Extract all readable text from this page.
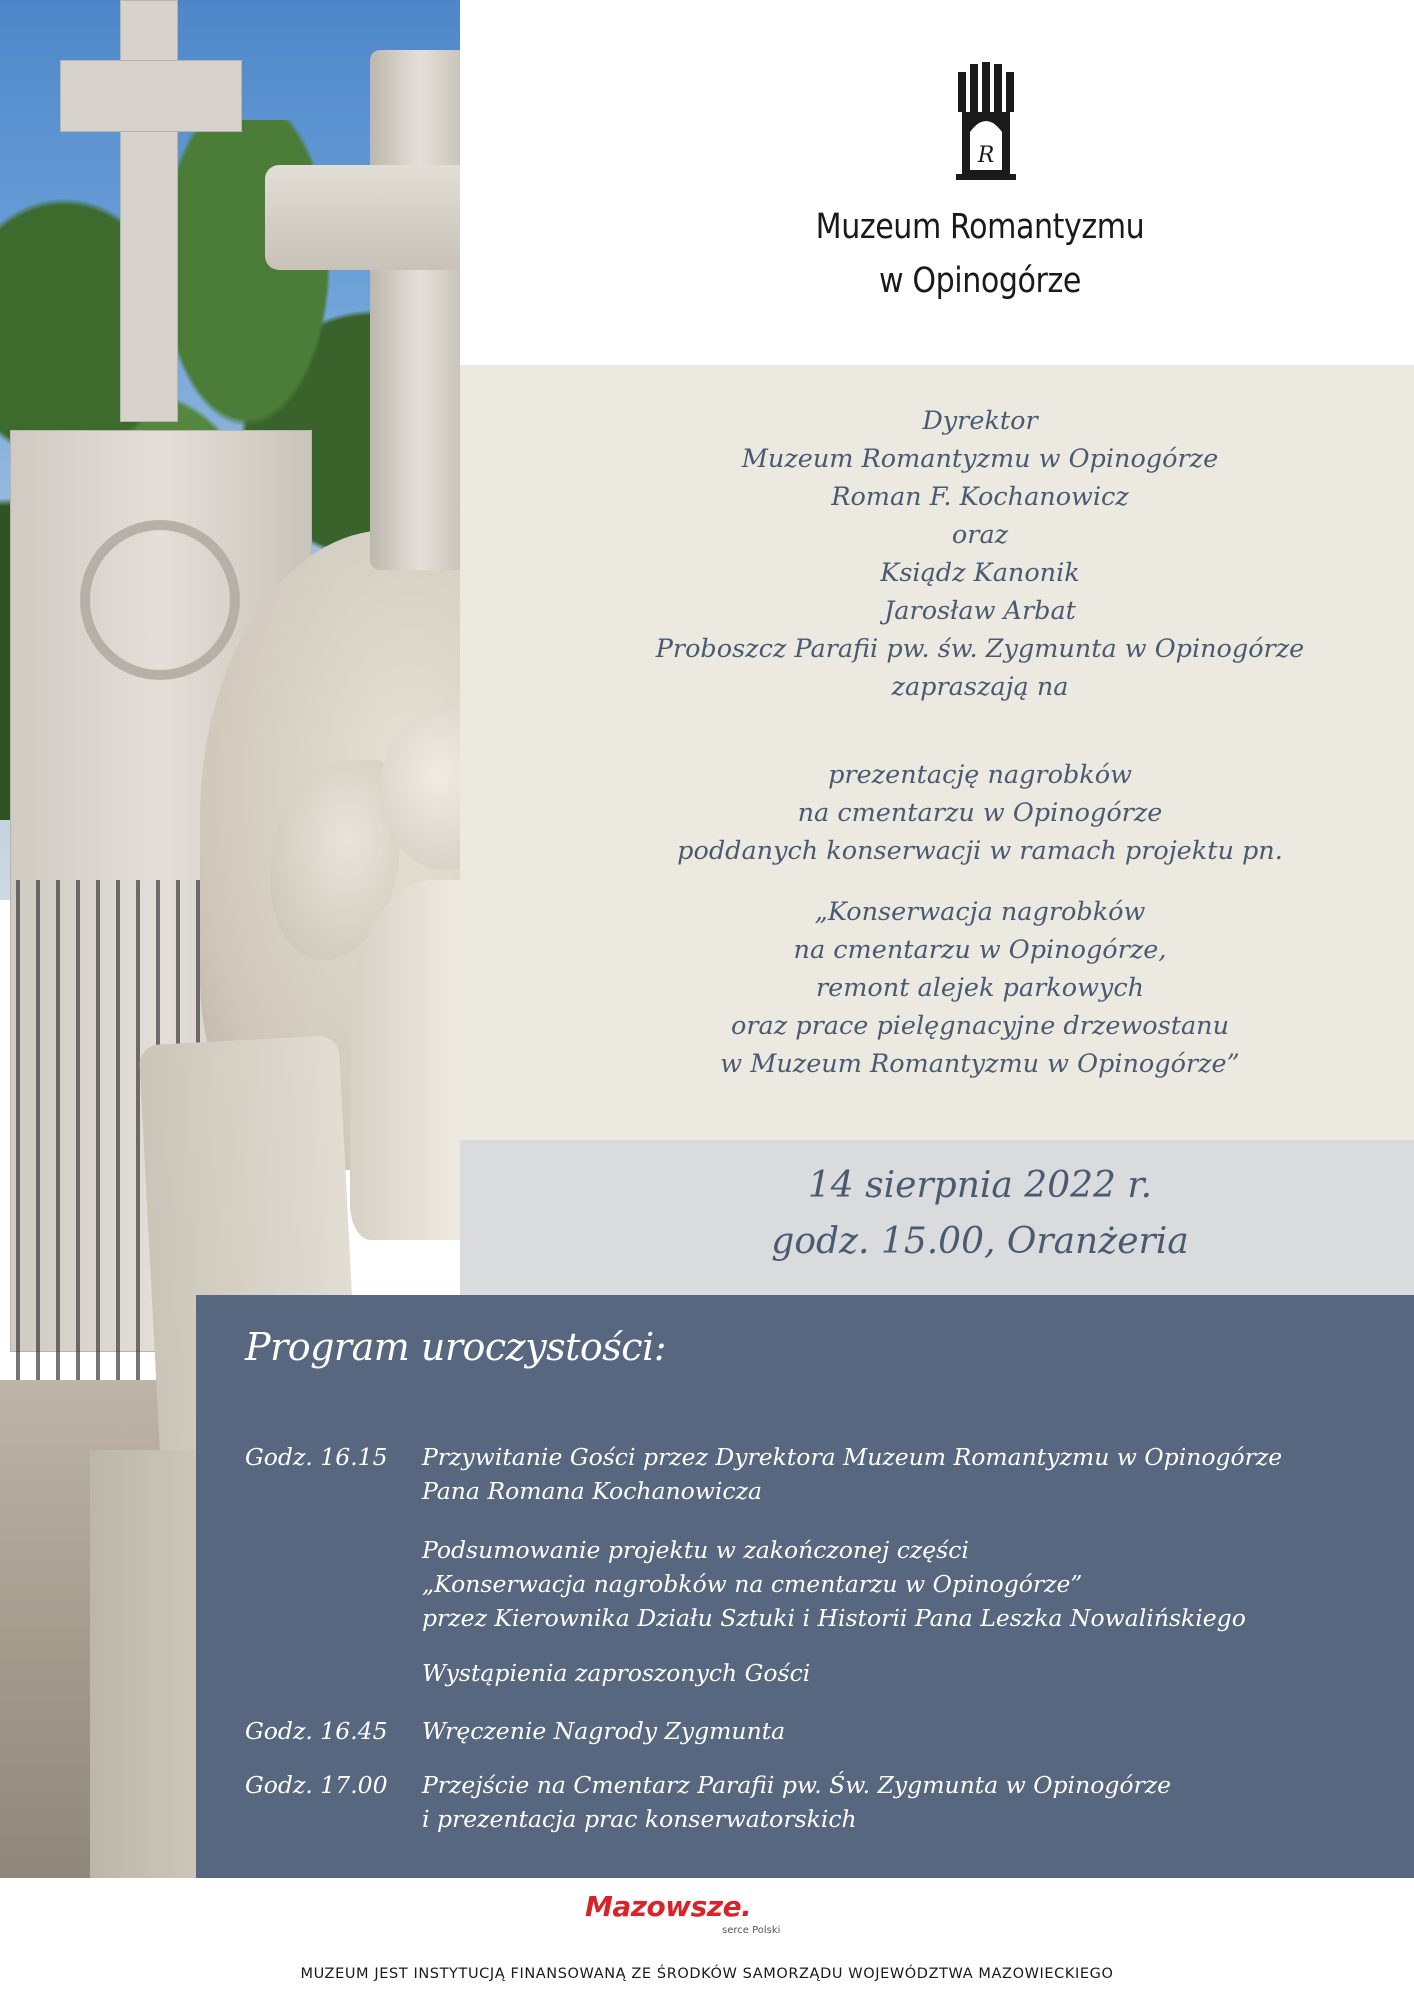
R
Muzeum Romantyzmu
w Opinogórze
Dyrektor
Muzeum Romantyzmu w Opinogórze
Roman F. Kochanowicz
oraz
Ksiądz Kanonik
Jarosław Arbat
Proboszcz Parafii pw. św. Zygmunta w Opinogórze
zapraszają na
prezentację nagrobków
na cmentarzu w Opinogórze
poddanych konserwacji w ramach projektu pn.
„Konserwacja nagrobków
na cmentarzu w Opinogórze,
remont alejek parkowych
oraz prace pielęgnacyjne drzewostanu
w Muzeum Romantyzmu w Opinogórze”
14 sierpnia 2022 r.
godz. 15.00, Oranżeria
Program uroczystości:
Godz. 16.15	Przywitanie Gości przez Dyrektora Muzeum Romantyzmu w Opinogórze
Pana Romana Kochanowicza
Podsumowanie projektu w zakończonej części
„Konserwacja nagrobków na cmentarzu w Opinogórze”
przez Kierownika Działu Sztuki i Historii Pana Leszka Nowalińskiego
Wystąpienia zaproszonych Gości
Godz. 16.45	Wręczenie Nagrody Zygmunta
Godz. 17.00	Przejście na Cmentarz Parafii pw. Św. Zygmunta w Opinogórze
i prezentacja prac konserwatorskich
Mazowsze.
serce Polski
MUZEUM JEST INSTYTUCJĄ FINANSOWANĄ ZE ŚRODKÓW SAMORZĄDU WOJEWÓDZTWA MAZOWIECKIEGO
